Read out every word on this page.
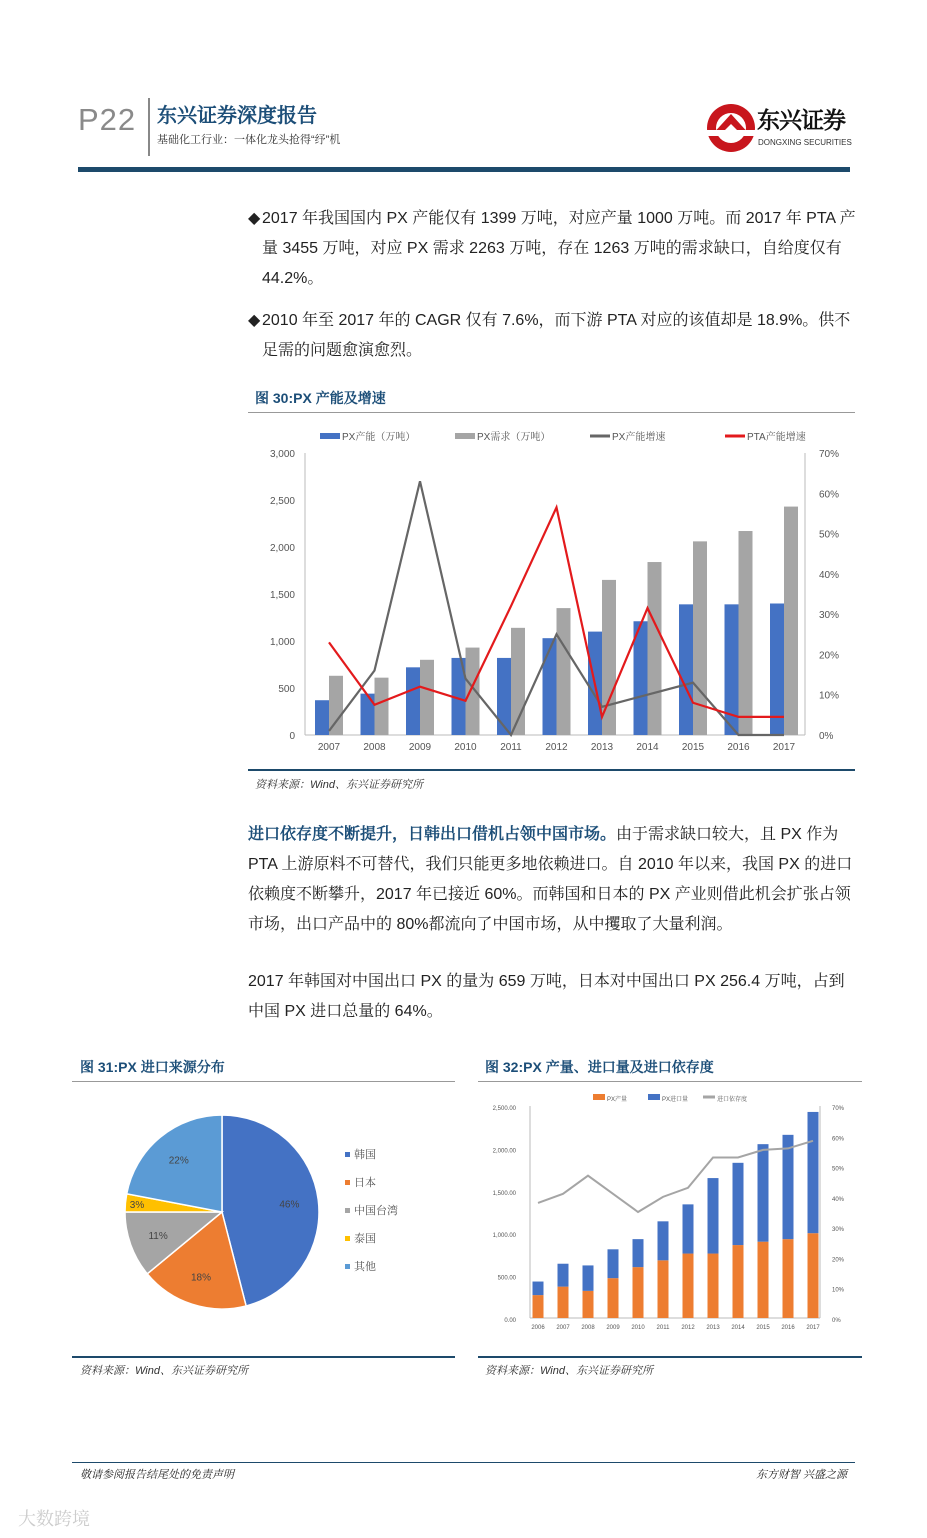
P22 东兴证券深度报告
基础化工行业：一体化龙头抢得“纾”机
东兴证券
DONGXING SECURITIES
◆ 2017 年我国国内 PX 产能仅有 1399 万吨，对应产量 1000 万吨。而 2017 年 PTA 产量 3455 万吨，对应 PX 需求 2263 万吨，存在 1263 万吨的需求缺口，自给度仅有 44.2%。
◆ 2010 年至 2017 年的 CAGR 仅有 7.6%，而下游 PTA 对应的该值却是 18.9%。供不足需的问题愈演愈烈。
图 30:PX 产能及增速
0
500
1,000
1,500
2,000
2,500
3,000
0%
10%
20%
30%
40%
50%
60%
70%
2007 2008 2009 2010 2011 2012 2013 2014 2015 2016 2017
PX产能（万吨）	PX需求（万吨）	PX产能增速	PTA产能增速
资料来源：Wind、东兴证券研究所

进口依存度不断提升，日韩出口借机占领中国市场。由于需求缺口较大，且 PX 作为 PTA 上游原料不可替代，我们只能更多地依赖进口。自 2010 年以来，我国 PX 的进口依赖度不断攀升，2017 年已接近 60%。而韩国和日本的 PX 产业则借此机会扩张占领市场，出口产品中的 80%都流向了中国市场，从中攫取了大量利润。

2017 年韩国对中国出口 PX 的量为 659 万吨，日本对中国出口 PX 256.4 万吨，占到中国 PX 进口总量的 64%。

图 31:PX 进口来源分布
46%
18%
11%
3%
22%
韩国
日本
中国台湾
泰国
其他
资料来源：Wind、东兴证券研究所
图 32:PX 产量、进口量及进口依存度
0.00
500.00
1,000.00
1,500.00
2,000.00
2,500.00
0%
10%
20%
30%
40%
50%
60%
70%
2006 2007 2008 2009 2010 2011 2012 2013 2014 2015 2016 2017
PX产量	PX进口量	进口依存度
资料来源：Wind、东兴证券研究所
敬请参阅报告结尾处的免责声明	东方财智 兴盛之源
大数跨境
